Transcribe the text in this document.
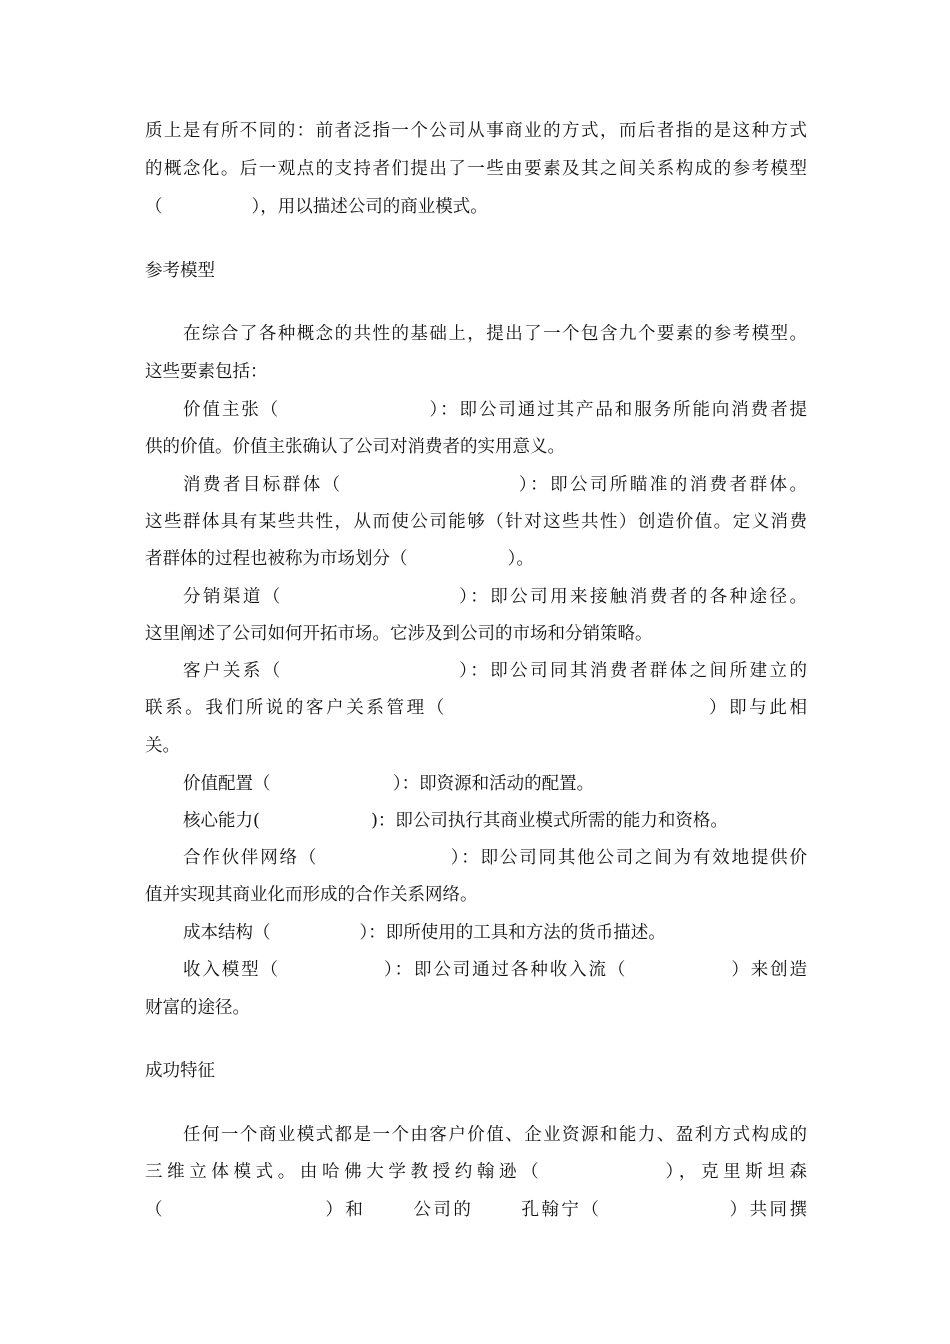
质上是有所不同的：前者泛指一个公司从事商业的方式，而后者指的是这种方式
的概念化。后一观点的支持者们提出了一些由要素及其之间关系构成的参考模型
（                ），用以描述公司的商业模式。
参考模型
在综合了各种概念的共性的基础上，提出了一个包含九个要素的参考模型。
这些要素包括：
价值主张（                    ）：即公司通过其产品和服务所能向消费者提
供的价值。价值主张确认了公司对消费者的实用意义。
消费者目标群体（                      ）：即公司所瞄准的消费者群体。
这些群体具有某些共性，从而使公司能够（针对这些共性）创造价值。定义消费
者群体的过程也被称为市场划分（                  ）。
分销渠道（                      ）：即公司用来接触消费者的各种途径。
这里阐述了公司如何开拓市场。它涉及到公司的市场和分销策略。
客户关系（                      ）：即公司同其消费者群体之间所建立的
联系。我们所说的客户关系管理（                                ）即与此相
关。
价值配置（                      ）：即资源和活动的配置。
核心能力(                    )：即公司执行其商业模式所需的能力和资格。
合作伙伴网络（                  ）：即公司同其他公司之间为有效地提供价
值并实现其商业化而形成的合作关系网络。
成本结构（                ）：即所使用的工具和方法的货币描述。
收入模型（              ）：即公司通过各种收入流（              ）来创造
财富的途径。
成功特征
任何一个商业模式都是一个由客户价值、企业资源和能力、盈利方式构成的
三维立体模式。由哈佛大学教授约翰逊（            ），克里斯坦森
（                    ）和      公司的      孔翰宁（                ）共同撰
